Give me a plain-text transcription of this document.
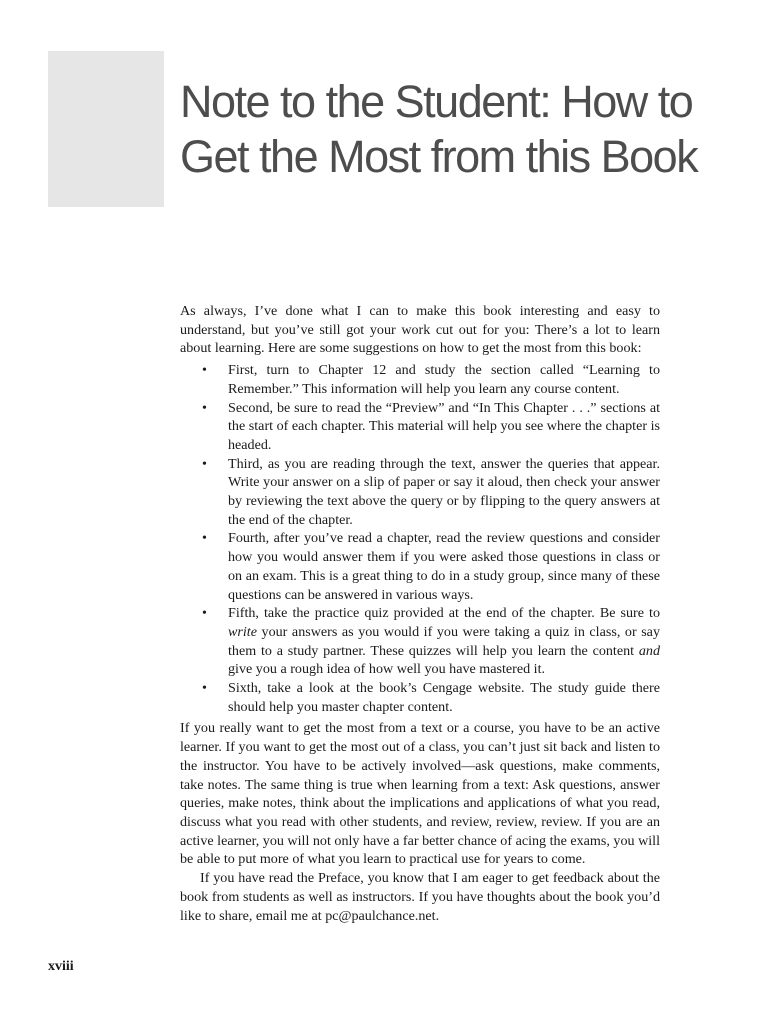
Note to the Student: How to Get the Most from this Book

As always, I’ve done what I can to make this book interesting and easy to understand, but you’ve still got your work cut out for you: There’s a lot to learn about learning. Here are some suggestions on how to get the most from this book:

• First, turn to Chapter 12 and study the section called “Learning to Remember.” This information will help you learn any course content.
• Second, be sure to read the “Preview” and “In This Chapter . . .” sections at the start of each chapter. This material will help you see where the chapter is headed.
• Third, as you are reading through the text, answer the queries that appear. Write your answer on a slip of paper or say it aloud, then check your answer by reviewing the text above the query or by flipping to the query answers at the end of the chapter.
• Fourth, after you’ve read a chapter, read the review questions and consider how you would answer them if you were asked those questions in class or on an exam. This is a great thing to do in a study group, since many of these questions can be answered in various ways.
• Fifth, take the practice quiz provided at the end of the chapter. Be sure to write your answers as you would if you were taking a quiz in class, or say them to a study partner. These quizzes will help you learn the content and give you a rough idea of how well you have mastered it.
• Sixth, take a look at the book’s Cengage website. The study guide there should help you master chapter content.

If you really want to get the most from a text or a course, you have to be an active learner. If you want to get the most out of a class, you can’t just sit back and listen to the instructor. You have to be actively involved—ask questions, make comments, take notes. The same thing is true when learning from a text: Ask questions, answer queries, make notes, think about the implications and applications of what you read, discuss what you read with other students, and review, review, review. If you are an active learner, you will not only have a far better chance of acing the exams, you will be able to put more of what you learn to practical use for years to come.

If you have read the Preface, you know that I am eager to get feedback about the book from students as well as instructors. If you have thoughts about the book you’d like to share, email me at pc@paulchance.net.

xviii
